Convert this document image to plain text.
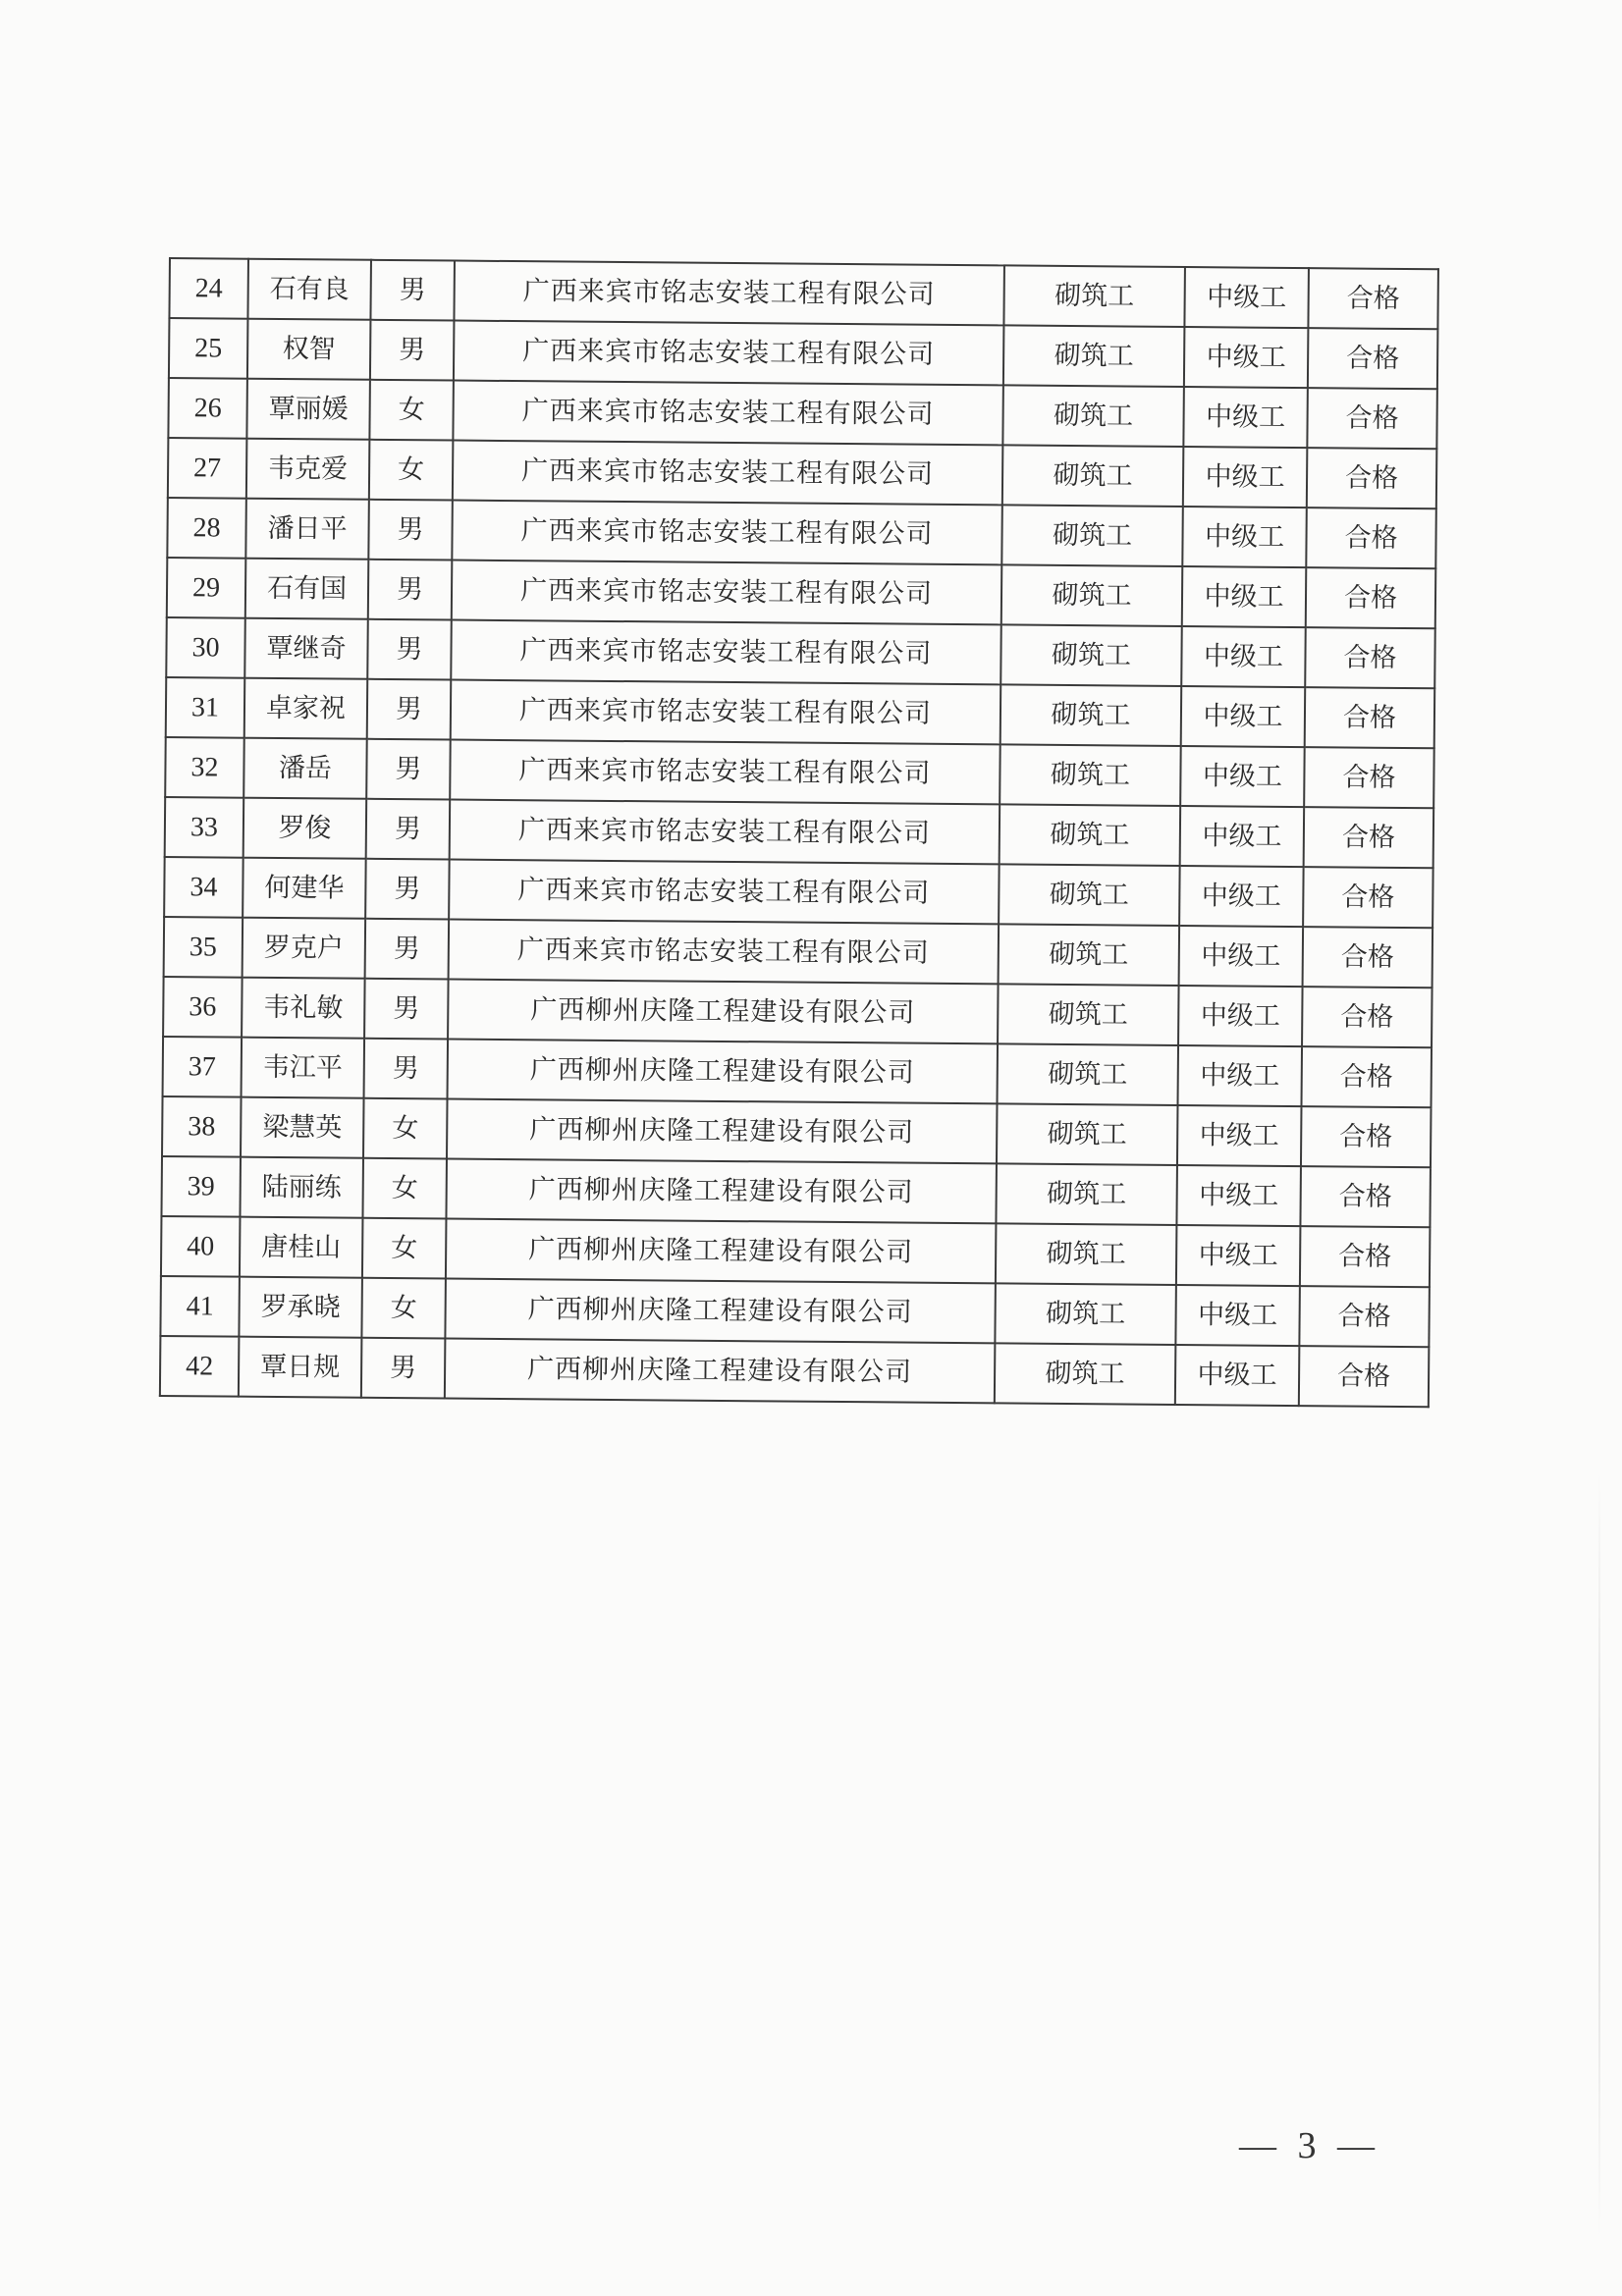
24	石有良	男	广西来宾市铭志安装工程有限公司	砌筑工	中级工	合格
25	权智	男	广西来宾市铭志安装工程有限公司	砌筑工	中级工	合格
26	覃丽媛	女	广西来宾市铭志安装工程有限公司	砌筑工	中级工	合格
27	韦克爱	女	广西来宾市铭志安装工程有限公司	砌筑工	中级工	合格
28	潘日平	男	广西来宾市铭志安装工程有限公司	砌筑工	中级工	合格
29	石有国	男	广西来宾市铭志安装工程有限公司	砌筑工	中级工	合格
30	覃继奇	男	广西来宾市铭志安装工程有限公司	砌筑工	中级工	合格
31	卓家祝	男	广西来宾市铭志安装工程有限公司	砌筑工	中级工	合格
32	潘岳	男	广西来宾市铭志安装工程有限公司	砌筑工	中级工	合格
33	罗俊	男	广西来宾市铭志安装工程有限公司	砌筑工	中级工	合格
34	何建华	男	广西来宾市铭志安装工程有限公司	砌筑工	中级工	合格
35	罗克户	男	广西来宾市铭志安装工程有限公司	砌筑工	中级工	合格
36	韦礼敏	男	广西柳州庆隆工程建设有限公司	砌筑工	中级工	合格
37	韦江平	男	广西柳州庆隆工程建设有限公司	砌筑工	中级工	合格
38	梁慧英	女	广西柳州庆隆工程建设有限公司	砌筑工	中级工	合格
39	陆丽练	女	广西柳州庆隆工程建设有限公司	砌筑工	中级工	合格
40	唐桂山	女	广西柳州庆隆工程建设有限公司	砌筑工	中级工	合格
41	罗承晓	女	广西柳州庆隆工程建设有限公司	砌筑工	中级工	合格
42	覃日规	男	广西柳州庆隆工程建设有限公司	砌筑工	中级工	合格
— 3 —
